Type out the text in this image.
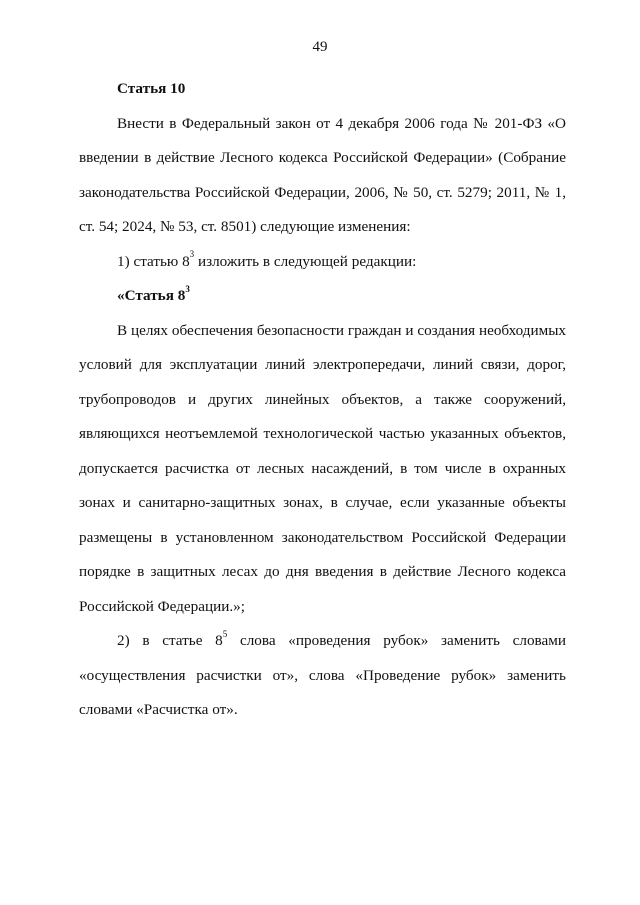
49

Статья 10

Внести в Федеральный закон от 4 декабря 2006 года № 201-ФЗ «О введении в действие Лесного кодекса Российской Федерации» (Собрание законодательства Российской Федерации, 2006, № 50, ст. 5279; 2011, № 1, ст. 54; 2024, № 53, ст. 8501) следующие изменения:

1) статью $8^3$ изложить в следующей редакции:

«Статья $8^3$

В целях обеспечения безопасности граждан и создания необходимых условий для эксплуатации линий электропередачи, линий связи, дорог, трубопроводов и других линейных объектов, а также сооружений, являющихся неотъемлемой технологической частью указанных объектов, допускается расчистка от лесных насаждений, в том числе в охранных зонах и санитарно-защитных зонах, в случае, если указанные объекты размещены в установленном законодательством Российской Федерации порядке в защитных лесах до дня введения в действие Лесного кодекса Российской Федерации.»;

2) в статье $8^5$ слова «проведения рубок» заменить словами «осуществления расчистки от», слова «Проведение рубок» заменить словами «Расчистка от».
